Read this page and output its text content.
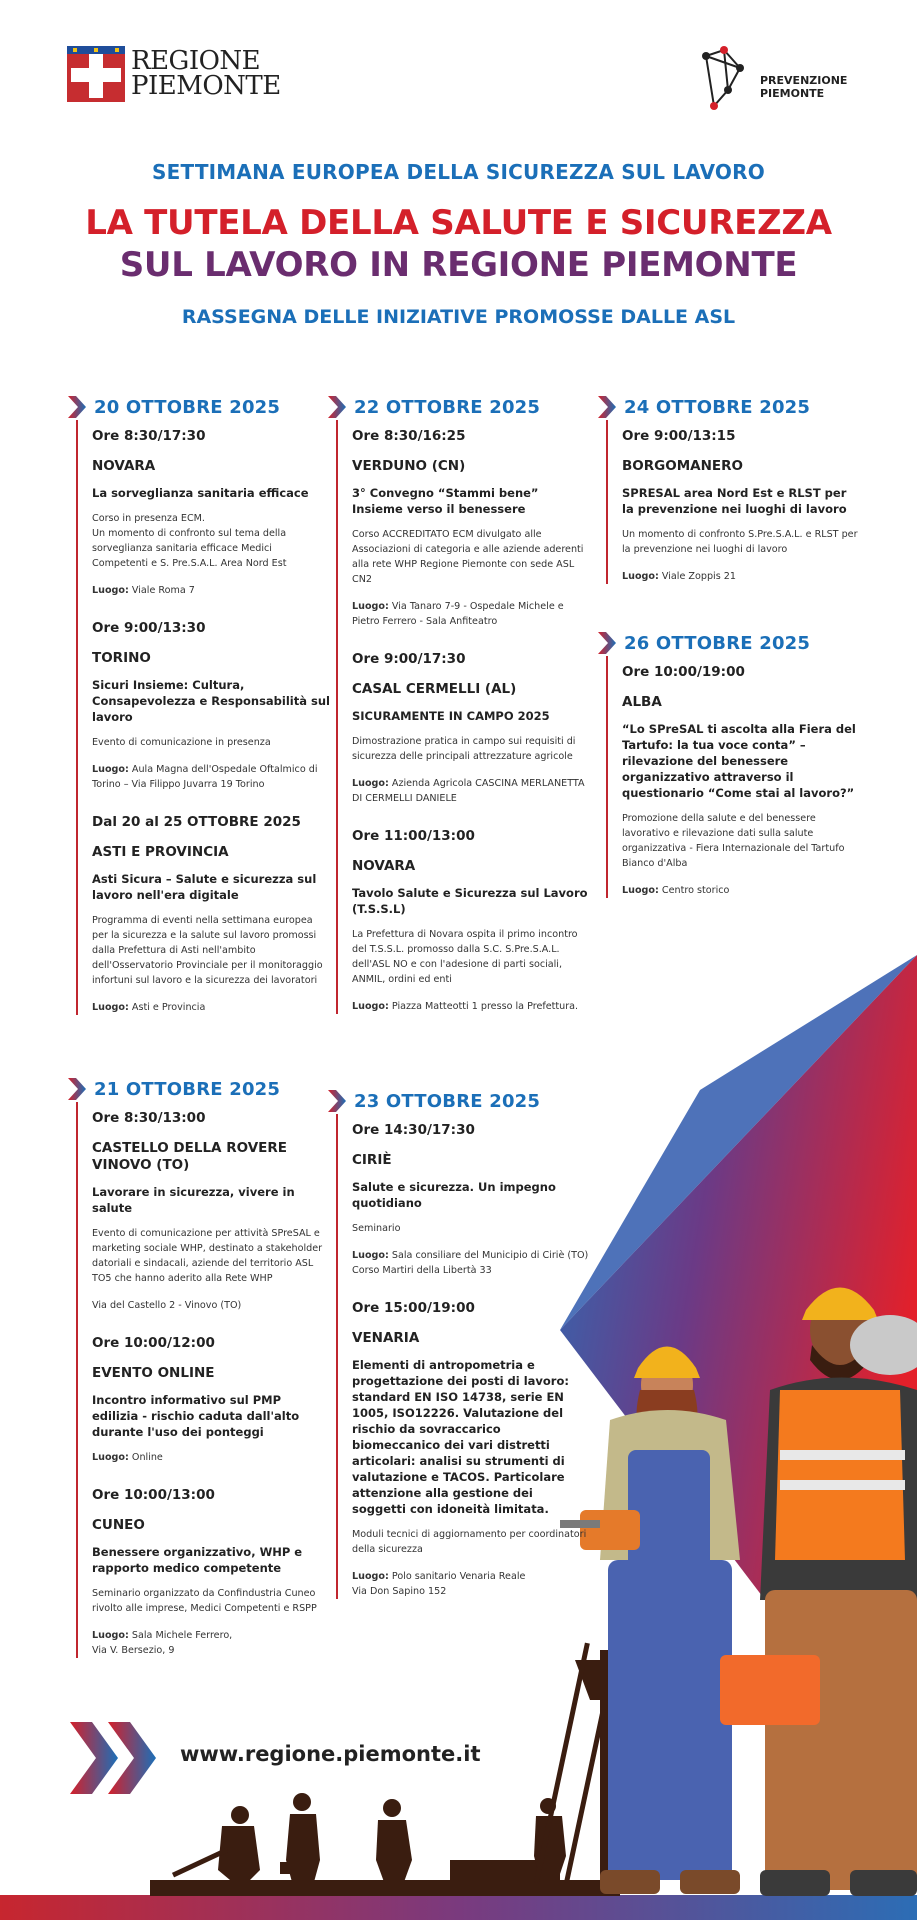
REGIONE
PIEMONTE	PREVENZIONE
PIEMONTE
SETTIMANA EUROPEA DELLA SICUREZZA SUL LAVORO
LA TUTELA DELLA SALUTE E SICUREZZA
SUL LAVORO IN REGIONE PIEMONTE
RASSEGNA DELLE INIZIATIVE PROMOSSE DALLE ASL
20 OTTOBRE 2025
Ore 8:30/17:30
NOVARA
La sorveglianza sanitaria efficace
Corso in presenza ECM.
Un momento di confronto sul tema della sorveglianza sanitaria efficace Medici Competenti e S. Pre.S.A.L. Area Nord Est
Luogo: Viale Roma 7
Ore 9:00/13:30
TORINO
Sicuri Insieme: Cultura, Consapevolezza e Responsabilità sul lavoro
Evento di comunicazione in presenza
Luogo: Aula Magna dell'Ospedale Oftalmico di Torino – Via Filippo Juvarra 19 Torino
Dal 20 al 25 OTTOBRE 2025
ASTI E PROVINCIA
Asti Sicura – Salute e sicurezza sul lavoro nell'era digitale
Programma di eventi nella settimana europea per la sicurezza e la salute sul lavoro promossi dalla Prefettura di Asti nell'ambito dell'Osservatorio Provinciale per il monitoraggio infortuni sul lavoro e la sicurezza dei lavoratori
Luogo: Asti e Provincia
21 OTTOBRE 2025
Ore 8:30/13:00
CASTELLO DELLA ROVERE
VINOVO (TO)
Lavorare in sicurezza, vivere in salute
Evento di comunicazione per attività SPreSAL e marketing sociale WHP, destinato a stakeholder datoriali e sindacali, aziende del territorio ASL TO5 che hanno aderito alla Rete WHP
Via del Castello 2 - Vinovo (TO)
Ore 10:00/12:00
EVENTO ONLINE
Incontro informativo sul PMP edilizia - rischio caduta dall'alto durante l'uso dei ponteggi
Luogo: Online
Ore 10:00/13:00
CUNEO
Benessere organizzativo, WHP e rapporto medico competente
Seminario organizzato da Confindustria Cuneo rivolto alle imprese, Medici Competenti e RSPP
Luogo: Sala Michele Ferrero,
Via V. Bersezio, 9
22 OTTOBRE 2025
Ore 8:30/16:25
VERDUNO (CN)
3° Convegno “Stammi bene” Insieme verso il benessere
Corso ACCREDITATO ECM divulgato alle Associazioni di categoria e alle aziende aderenti alla rete WHP Regione Piemonte con sede ASL CN2
Luogo: Via Tanaro 7-9 - Ospedale Michele e Pietro Ferrero - Sala Anfiteatro
Ore 9:00/17:30
CASAL CERMELLI (AL)
SICURAMENTE IN CAMPO 2025
Dimostrazione pratica in campo sui requisiti di sicurezza delle principali attrezzature agricole
Luogo: Azienda Agricola CASCINA MERLANETTA DI CERMELLI DANIELE
Ore 11:00/13:00
NOVARA
Tavolo Salute e Sicurezza sul Lavoro (T.S.S.L)
La Prefettura di Novara ospita il primo incontro del T.S.S.L. promosso dalla S.C. S.Pre.S.A.L. dell'ASL NO e con l'adesione di parti sociali, ANMIL, ordini ed enti
Luogo: Piazza Matteotti 1 presso la Prefettura.
23 OTTOBRE 2025
Ore 14:30/17:30
CIRIÈ
Salute e sicurezza. Un impegno quotidiano
Seminario
Luogo: Sala consiliare del Municipio di Ciriè (TO) Corso Martiri della Libertà 33
Ore 15:00/19:00
VENARIA
Elementi di antropometria e progettazione dei posti di lavoro: standard EN ISO 14738, serie EN 1005, ISO12226. Valutazione del rischio da sovraccarico biomeccanico dei vari distretti articolari: analisi su strumenti di valutazione e TACOS. Particolare attenzione alla gestione dei soggetti con idoneità limitata.
Moduli tecnici di aggiornamento per coordinatori della sicurezza
Luogo: Polo sanitario Venaria Reale
Via Don Sapino 152
24 OTTOBRE 2025
Ore 9:00/13:15
BORGOMANERO
SPRESAL area Nord Est e RLST per la prevenzione nei luoghi di lavoro
Un momento di confronto S.Pre.S.A.L. e RLST per la prevenzione nei luoghi di lavoro
Luogo: Viale Zoppis 21
26 OTTOBRE 2025
Ore 10:00/19:00
ALBA
“Lo SPreSAL ti ascolta alla Fiera del Tartufo: la tua voce conta” – rilevazione del benessere organizzativo attraverso il questionario “Come stai al lavoro?”
Promozione della salute e del benessere lavorativo e rilevazione dati sulla salute organizzativa - Fiera Internazionale del Tartufo Bianco d'Alba
Luogo: Centro storico
www.regione.piemonte.it
